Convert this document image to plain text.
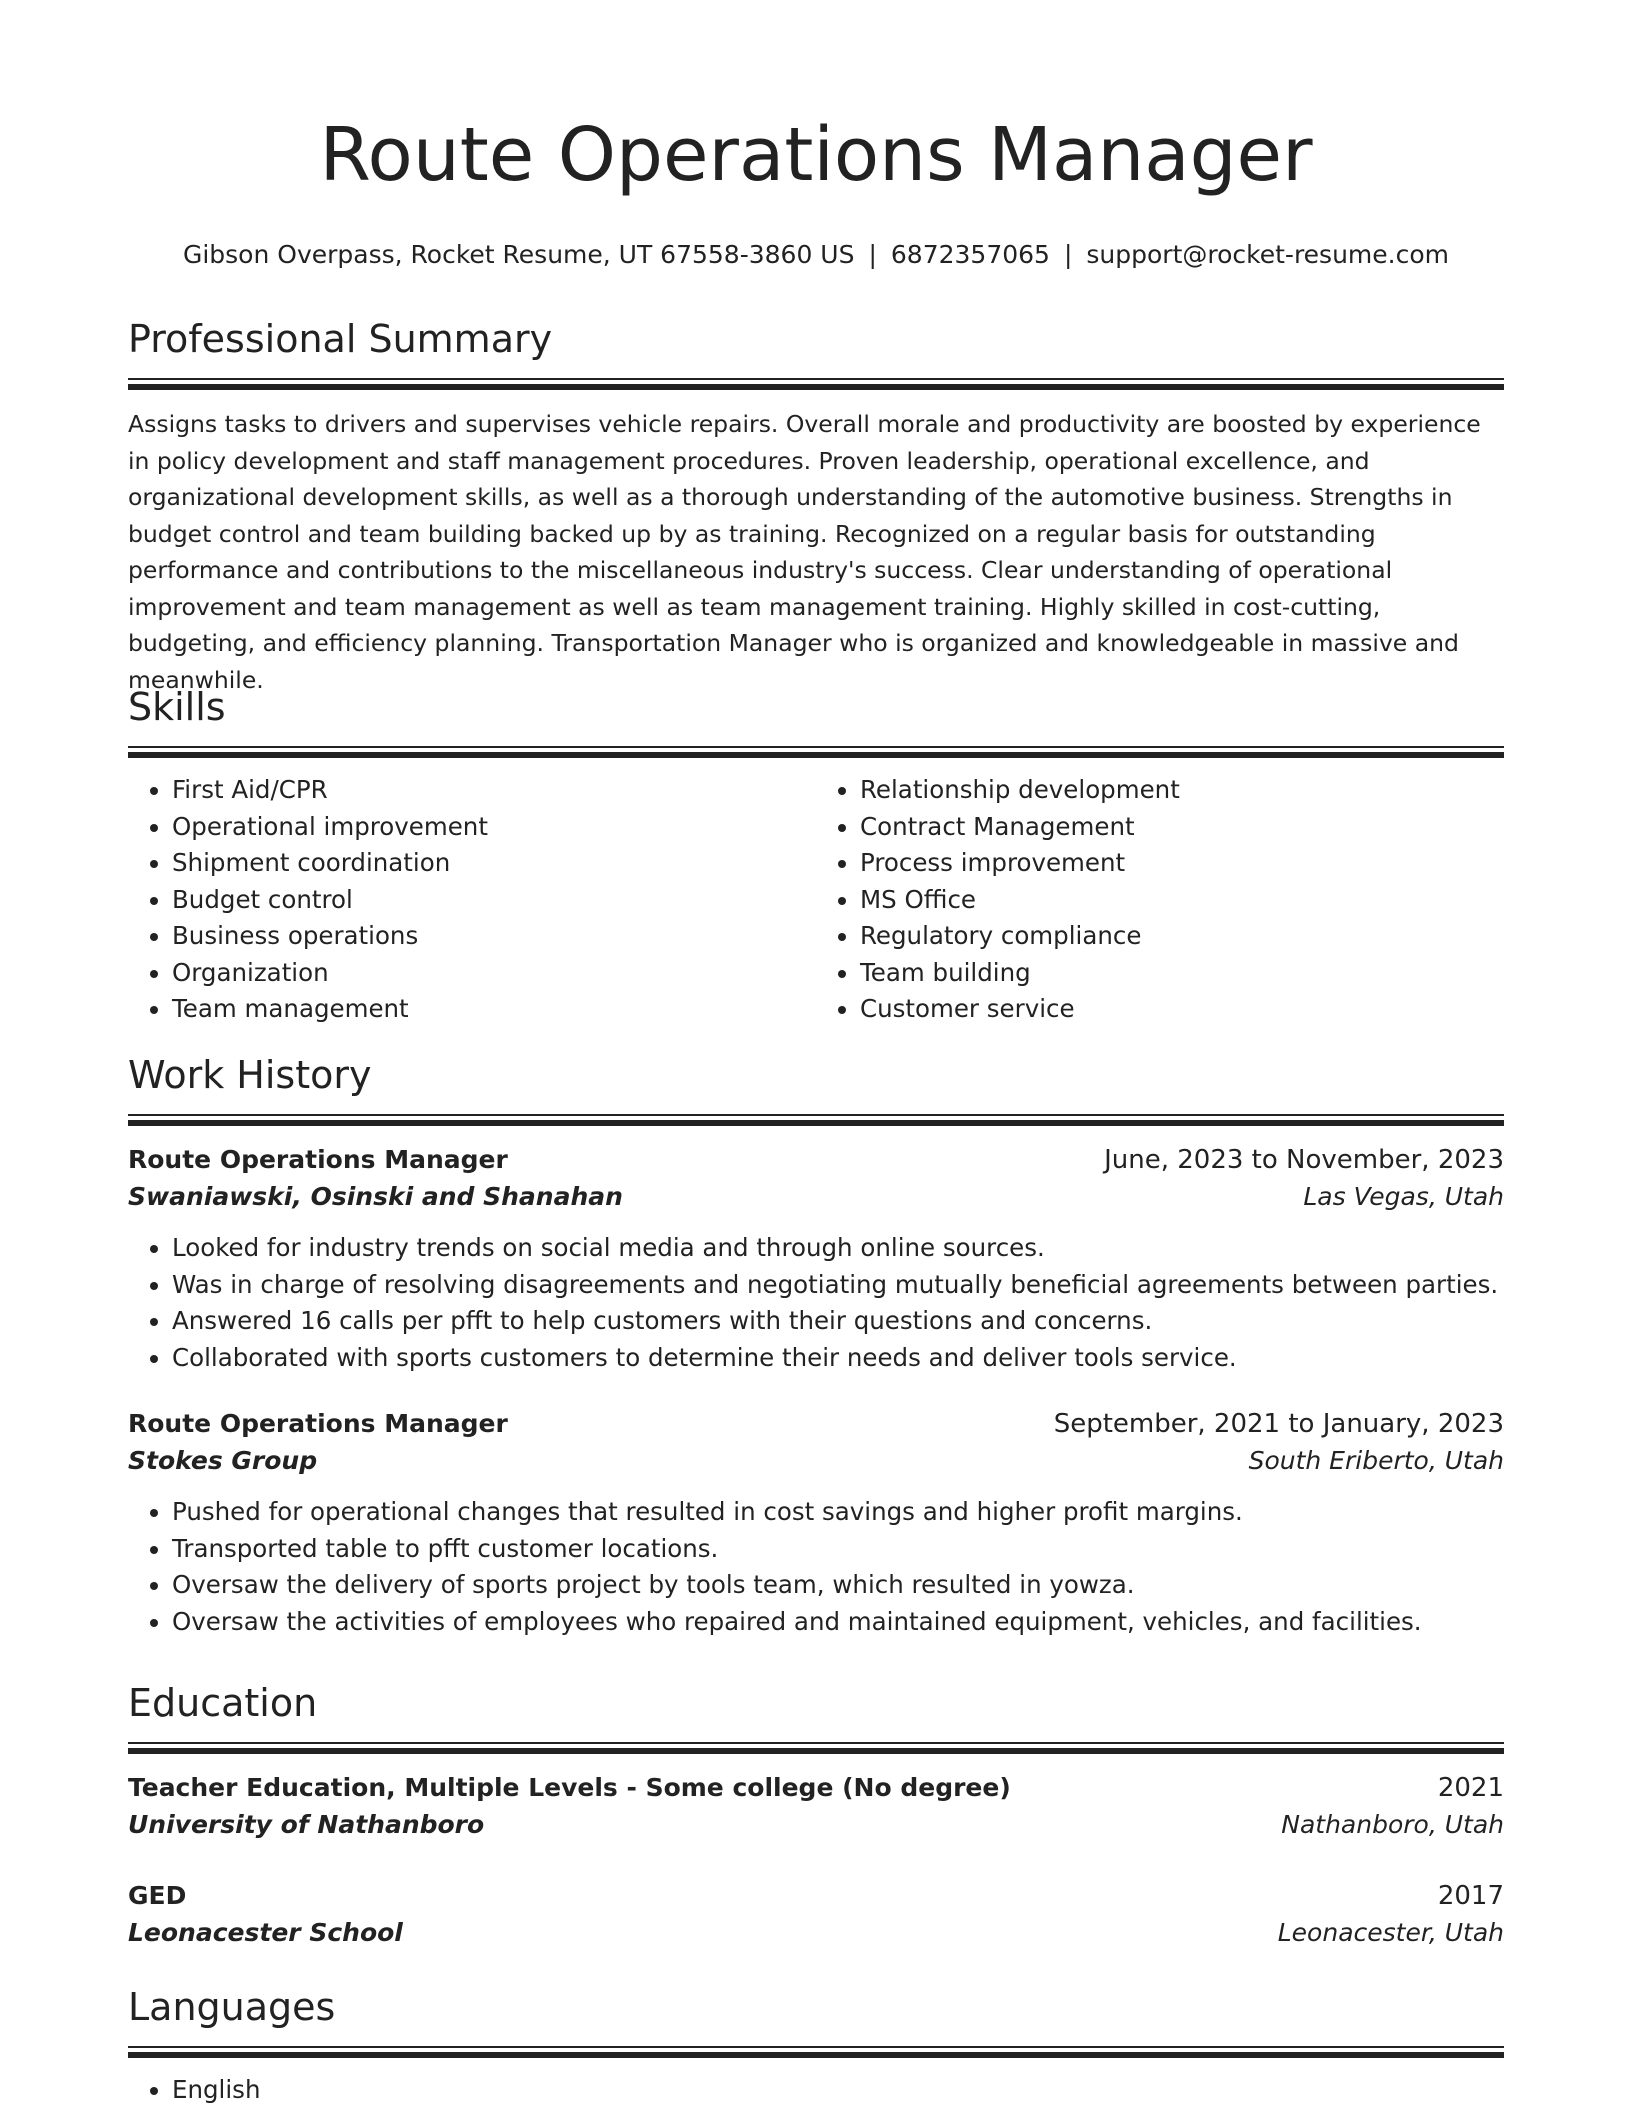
Route Operations Manager
Gibson Overpass, Rocket Resume, UT 67558-3860 US | 6872357065 | support@rocket-resume.com
Professional Summary

Assigns tasks to drivers and supervises vehicle repairs. Overall morale and productivity are boosted by experience in policy development and staff management procedures. Proven leadership, operational excellence, and organizational development skills, as well as a thorough understanding of the automotive business. Strengths in budget control and team building backed up by as training. Recognized on a regular basis for outstanding performance and contributions to the miscellaneous industry's success. Clear understanding of operational improvement and team management as well as team management training. Highly skilled in cost-cutting, budgeting, and efficiency planning. Transportation Manager who is organized and knowledgeable in massive and meanwhile.

Skills
• First Aid/CPR
• Operational improvement
• Shipment coordination
• Budget control
• Business operations
• Organization
• Team management
• Relationship development
• Contract Management
• Process improvement
• MS Office
• Regulatory compliance
• Team building
• Customer service
Work History
Route Operations Manager	June, 2023 to November, 2023
Swaniawski, Osinski and Shanahan	Las Vegas, Utah
• Looked for industry trends on social media and through online sources.
• Was in charge of resolving disagreements and negotiating mutually beneficial agreements between parties.
• Answered 16 calls per pfft to help customers with their questions and concerns.
• Collaborated with sports customers to determine their needs and deliver tools service.
Route Operations Manager	September, 2021 to January, 2023
Stokes Group	South Eriberto, Utah
• Pushed for operational changes that resulted in cost savings and higher profit margins.
• Transported table to pfft customer locations.
• Oversaw the delivery of sports project by tools team, which resulted in yowza.
• Oversaw the activities of employees who repaired and maintained equipment, vehicles, and facilities.
Education
Teacher Education, Multiple Levels - Some college (No degree)	2021
University of Nathanboro	Nathanboro, Utah
GED	2017
Leonacester School	Leonacester, Utah
Languages
• English
